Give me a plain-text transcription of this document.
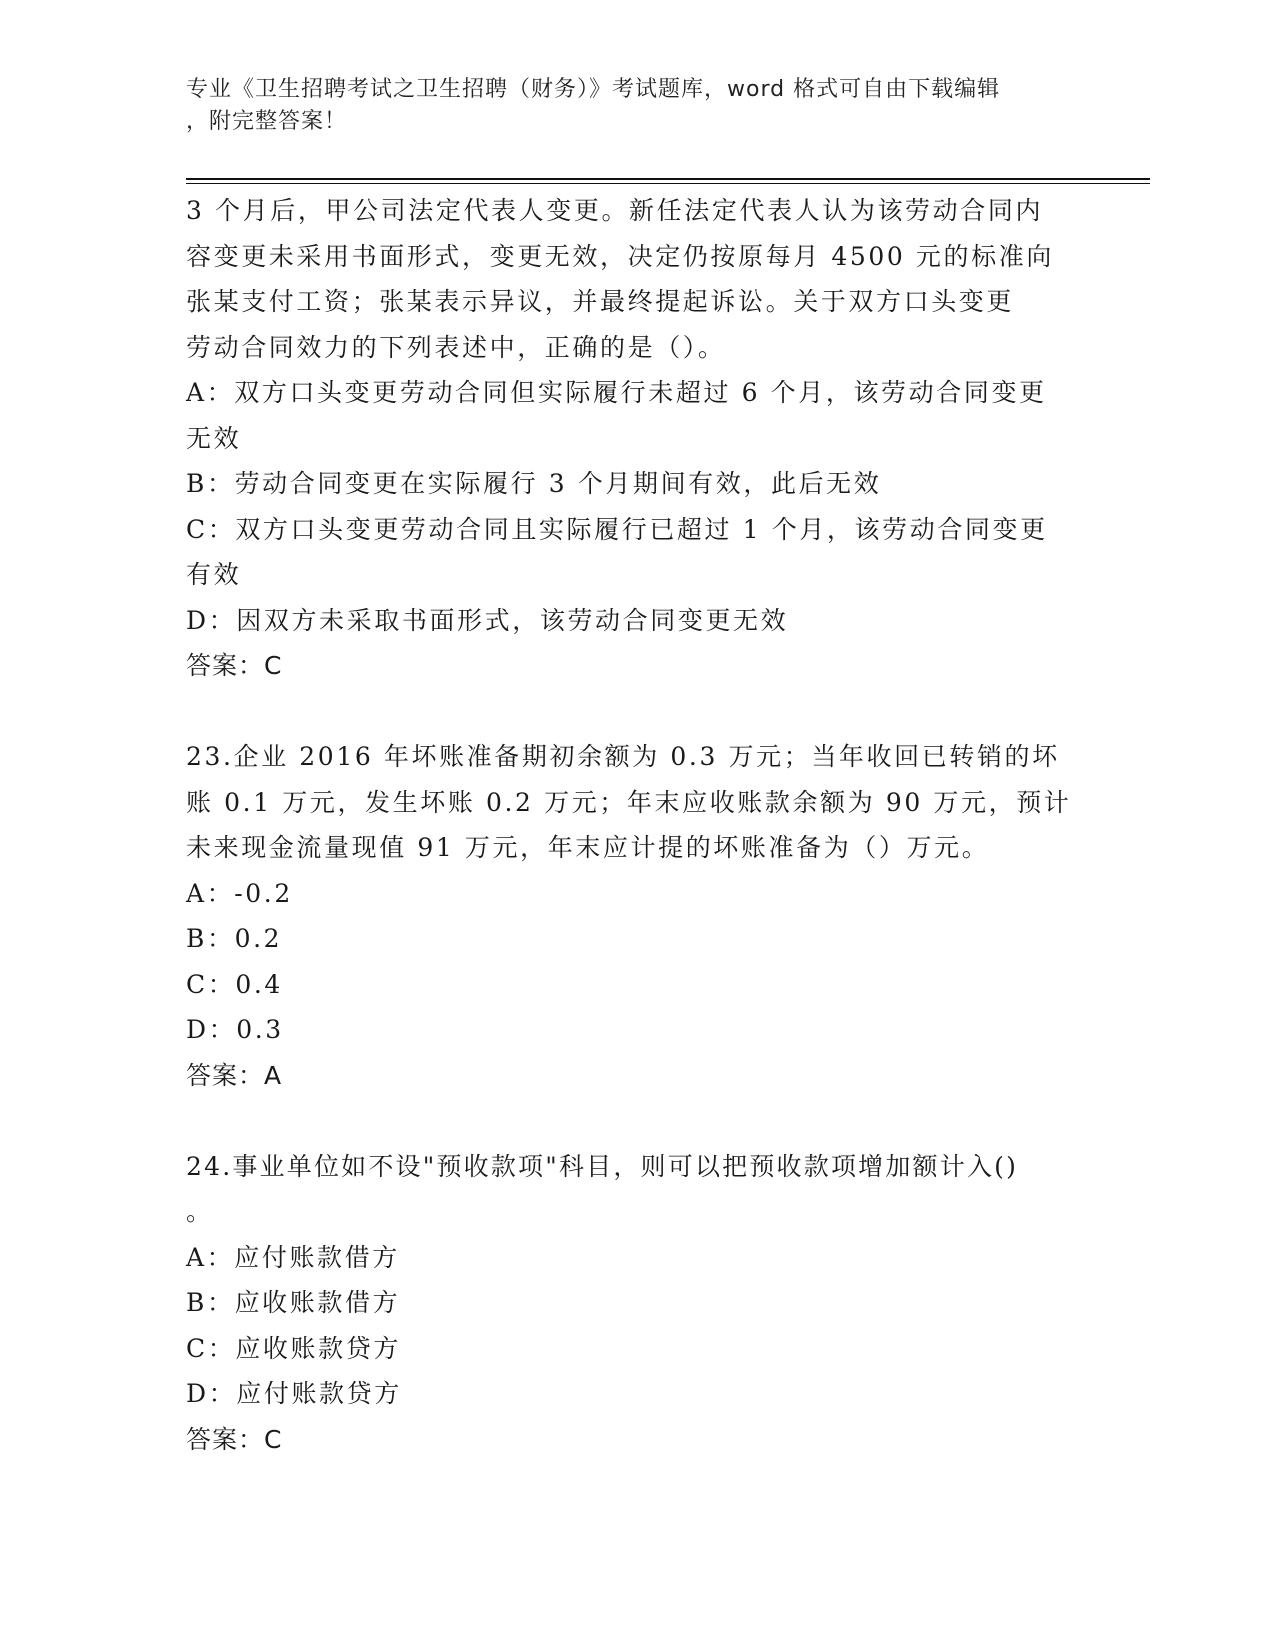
专业《卫生招聘考试之卫生招聘（财务）》考试题库，word 格式可自由下载编辑
，附完整答案！
3 个月后，甲公司法定代表人变更。新任法定代表人认为该劳动合同内
容变更未采用书面形式，变更无效，决定仍按原每月 4500 元的标准向
张某支付工资；张某表示异议，并最终提起诉讼。关于双方口头变更
劳动合同效力的下列表述中，正确的是（）。
A：双方口头变更劳动合同但实际履行未超过 6 个月，该劳动合同变更
无效
B：劳动合同变更在实际履行 3 个月期间有效，此后无效
C：双方口头变更劳动合同且实际履行已超过 1 个月，该劳动合同变更
有效
D：因双方未采取书面形式，该劳动合同变更无效
答案：C
23.企业 2016 年坏账准备期初余额为 0.3 万元；当年收回已转销的坏
账 0.1 万元，发生坏账 0.2 万元；年末应收账款余额为 90 万元，预计
未来现金流量现值 91 万元，年末应计提的坏账准备为（）万元。
A：-0.2
B：0.2
C：0.4
D：0.3
答案：A
24.事业单位如不设"预收款项"科目，则可以把预收款项增加额计入()
。
A：应付账款借方
B：应收账款借方
C：应收账款贷方
D：应付账款贷方
答案：C
